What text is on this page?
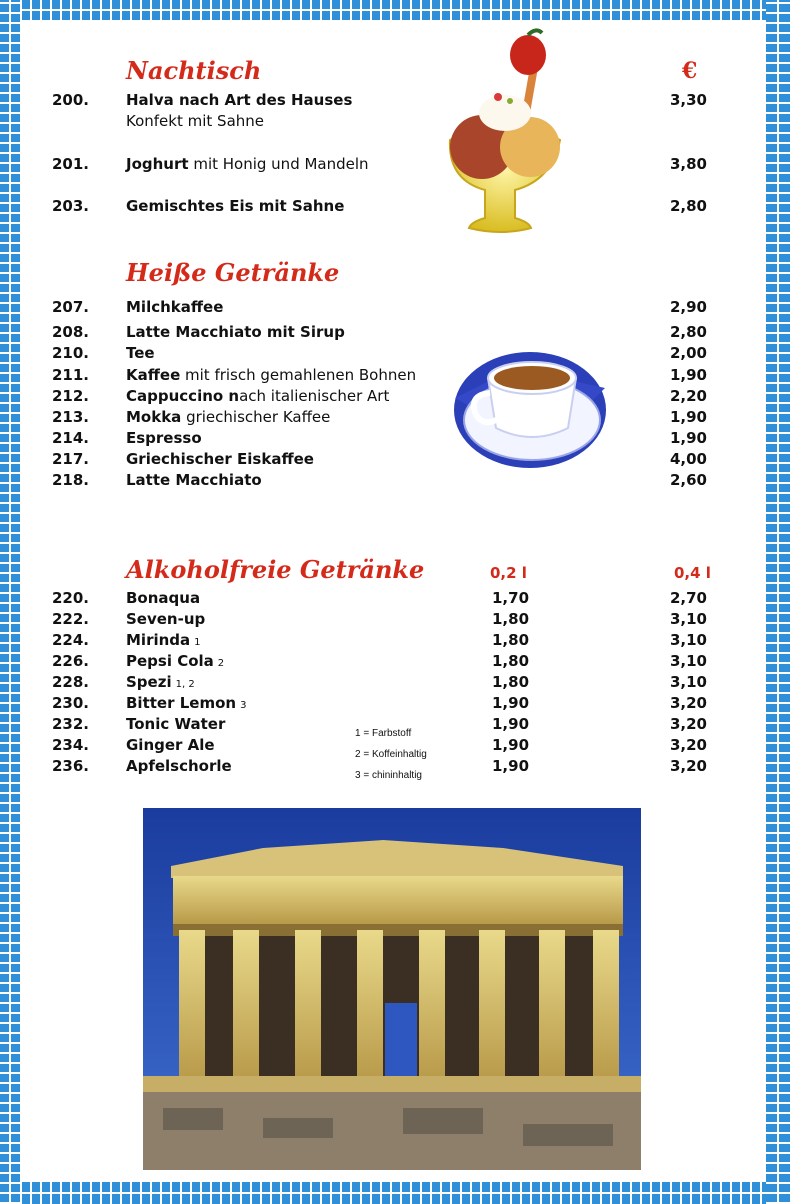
Nachtisch	€
200. Halva nach Art des Hauses	3,30
Konfekt mit Sahne
201. Joghurt mit Honig und Mandeln	3,80
203. Gemischtes Eis mit Sahne	2,80
Heiße Getränke
207. Milchkaffee	2,90
208. Latte Macchiato mit Sirup	2,80
210. Tee	2,00
211. Kaffee mit frisch gemahlenen Bohnen	1,90
212. Cappuccino nach italienischer Art	2,20
213. Mokka griechischer Kaffee	1,90
214. Espresso	1,90
217. Griechischer Eiskaffee	4,00
218. Latte Macchiato	2,60
Alkoholfreie Getränke	0,2 l	0,4 l
220. Bonaqua	1,70	2,70
222. Seven-up	1,80	3,10
224. Mirinda 1	1,80	3,10
226. Pepsi Cola 2	1,80	3,10
228. Spezi 1, 2	1,80	3,10
230. Bitter Lemon 3	1,90	3,20
232. Tonic Water	1,90	3,20
234. Ginger Ale	1,90	3,20
236. Apfelschorle	1,90	3,20
1 = Farbstoff
2 = Koffeinhaltig
3 = chininhaltig
